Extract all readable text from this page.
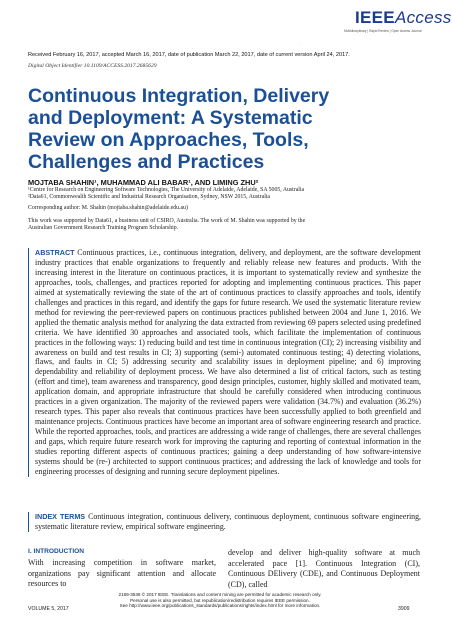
·
IEEEAccess
Multidisciplinary | Rapid Review | Open Access Journal
Received February 16, 2017, accepted March 16, 2017, date of publication March 22, 2017, date of current version April 24, 2017.
Digital Object Identifier 10.1109/ACCESS.2017.2685629
Continuous Integration, Delivery and Deployment: A Systematic Review on Approaches, Tools, Challenges and Practices
MOJTABA SHAHIN¹, MUHAMMAD ALI BABAR¹, AND LIMING ZHU²
¹Centre for Research on Engineering Software Technologies, The University of Adelaide, Adelaide, SA 5005, Australia
²Data61, Commonwealth Scientific and Industrial Research Organisation, Sydney, NSW 2015, Australia
Corresponding author: M. Shahin (mojtaba.shahin@adelaide.edu.au)
This work was supported by Data61, a business unit of CSIRO, Australia. The work of M. Shahin was supported by the Australian Government Research Training Program Scholarship.
ABSTRACT Continuous practices, i.e., continuous integration, delivery, and deployment, are the software development industry practices that enable organizations to frequently and reliably release new features and products. With the increasing interest in the literature on continuous practices, it is important to systematically review and synthesize the approaches, tools, challenges, and practices reported for adopting and implementing continuous practices. This paper aimed at systematically reviewing the state of the art of continuous practices to classify approaches and tools, identify challenges and practices in this regard, and identify the gaps for future research. We used the systematic literature review method for reviewing the peer-reviewed papers on continuous practices published between 2004 and June 1, 2016. We applied the thematic analysis method for analyzing the data extracted from reviewing 69 papers selected using predefined criteria. We have identified 30 approaches and associated tools, which facilitate the implementation of continuous practices in the following ways: 1) reducing build and test time in continuous integration (CI); 2) increasing visibility and awareness on build and test results in CI; 3) supporting (semi-) automated continuous testing; 4) detecting violations, flaws, and faults in CI; 5) addressing security and scalability issues in deployment pipeline; and 6) improving dependability and reliability of deployment process. We have also determined a list of critical factors, such as testing (effort and time), team awareness and transparency, good design principles, customer, highly skilled and motivated team, application domain, and appropriate infrastructure that should be carefully considered when introducing continuous practices in a given organization. The majority of the reviewed papers were validation (34.7%) and evaluation (36.2%) research types. This paper also reveals that continuous practices have been successfully applied to both greenfield and maintenance projects. Continuous practices have become an important area of software engineering research and practice. While the reported approaches, tools, and practices are addressing a wide range of challenges, there are several challenges and gaps, which require future research work for improving the capturing and reporting of contextual information in the studies reporting different aspects of continuous practices; gaining a deep understanding of how software-intensive systems should be (re-) architected to support continuous practices; and addressing the lack of knowledge and tools for engineering processes of designing and running secure deployment pipelines.
INDEX TERMS Continuous integration, continuous delivery, continuous deployment, continuous software engineering, systematic literature review, empirical software engineering.
I. INTRODUCTION
With increasing competition in software market, organizations pay significant attention and allocate resources to
develop and deliver high-quality software at much accelerated pace [1]. Continuous Integration (CI), Continuous DElivery (CDE), and Continuous Deployment (CD), called
VOLUME 5, 2017
2169-3536 © 2017 IEEE. Translations and content mining are permitted for academic research only.
Personal use is also permitted, but republication/redistribution requires IEEE permission.
See http://www.ieee.org/publications_standards/publications/rights/index.html for more information.
3909
